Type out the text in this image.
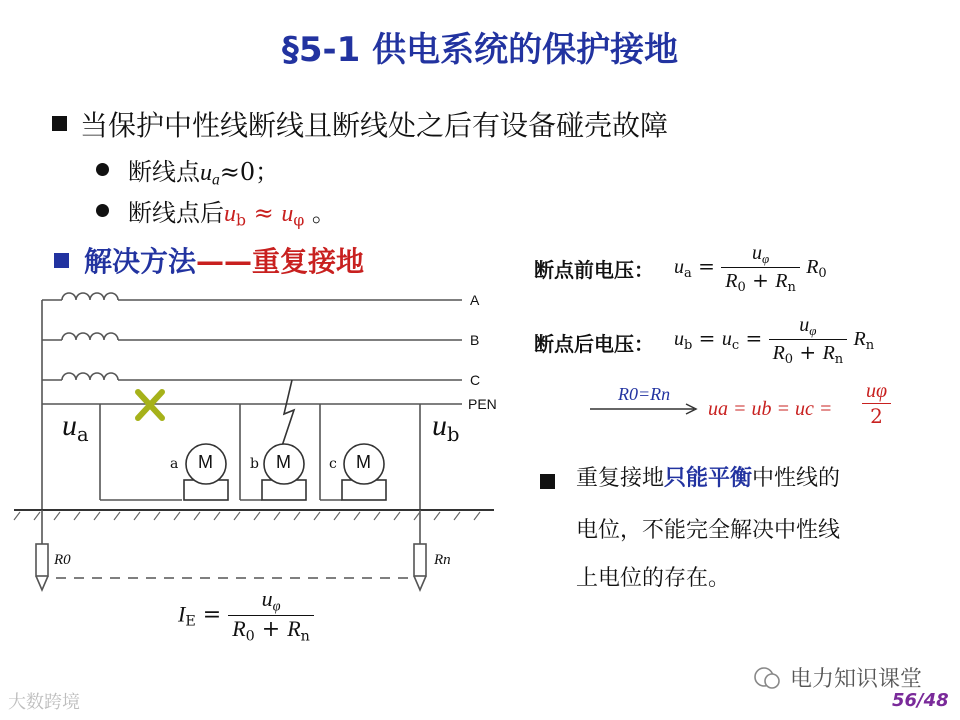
§5-1 供电系统的保护接地
当保护中性线断线且断线处之后有设备碰壳故障
断线点$u_a\approx 0$；
断线点后$u_b \approx u_\varphi$ 。
解决方法——重复接地
A
B
C
PEN
$u_a$	$u_b$
a	b	c
M	M	M
R0	Rn
$I_E = \frac{u_\varphi}{R_0 + R_n}$
断点前电压： $u_a = \frac{u_\varphi}{R_0 + R_n} R_0$
断点后电压： $u_b = u_c = \frac{u_\varphi}{R_0 + R_n} R_n$
R0=Rn
ua = ub = uc = $\frac{u\varphi}{2}$
重复接地只能平衡中性线的
电位，不能完全解决中性线
上电位的存在。
大数跨境
电力知识课堂
56/48
